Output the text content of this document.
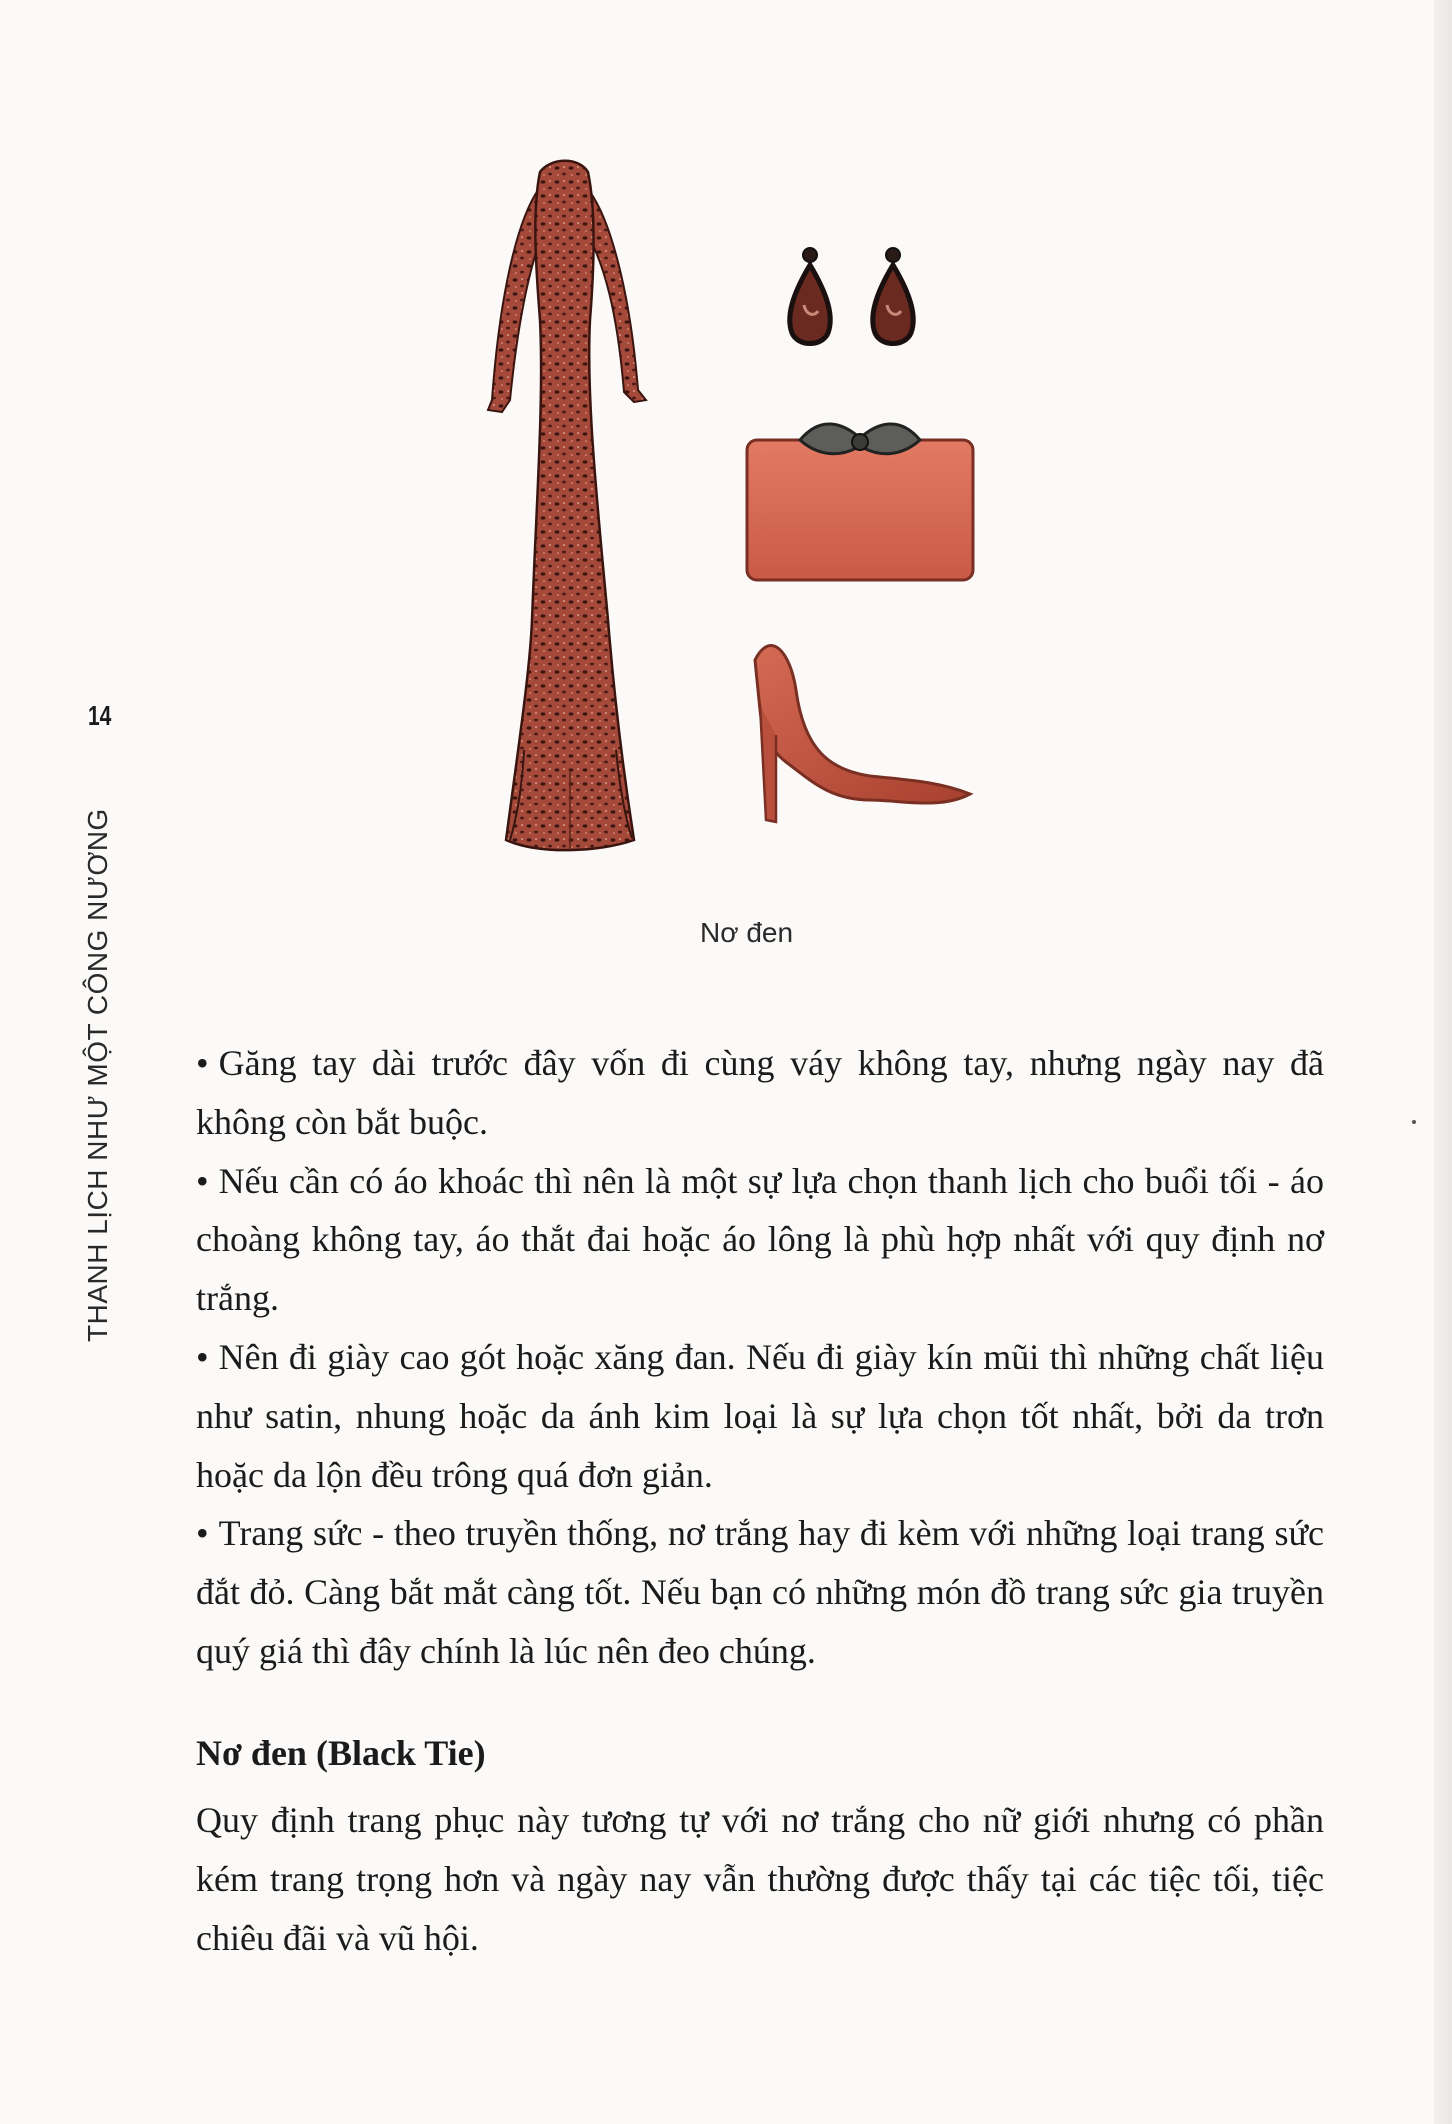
14
THANH LỊCH NHƯ MỘT CÔNG NƯƠNG	Nơ đen

• Găng tay dài trước đây vốn đi cùng váy không tay, nhưng ngày nay đã không còn bắt buộc.

• Nếu cần có áo khoác thì nên là một sự lựa chọn thanh lịch cho buổi tối - áo choàng không tay, áo thắt đai hoặc áo lông là phù hợp nhất với quy định nơ trắng.

• Nên đi giày cao gót hoặc xăng đan. Nếu đi giày kín mũi thì những chất liệu như satin, nhung hoặc da ánh kim loại là sự lựa chọn tốt nhất, bởi da trơn hoặc da lộn đều trông quá đơn giản.

• Trang sức - theo truyền thống, nơ trắng hay đi kèm với những loại trang sức đắt đỏ. Càng bắt mắt càng tốt. Nếu bạn có những món đồ trang sức gia truyền quý giá thì đây chính là lúc nên đeo chúng.

Nơ đen (Black Tie)
Quy định trang phục này tương tự với nơ trắng cho nữ giới nhưng có phần kém trang trọng hơn và ngày nay vẫn thường được thấy tại các tiệc tối, tiệc chiêu đãi và vũ hội.
